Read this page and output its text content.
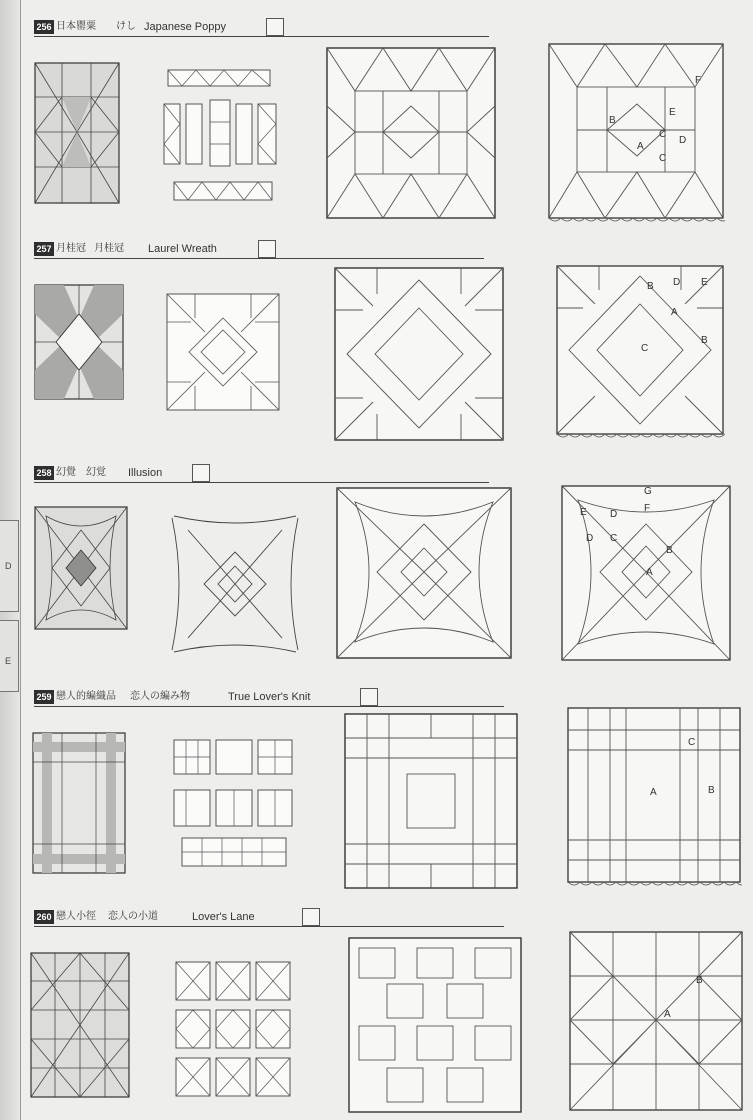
D
E
256 日本罌粟 けし Japanese Poppy
F
E
B
D
C
A
C
257 月桂冠 月桂冠 Laurel Wreath
B D E
A
C
B
258 幻覺 幻覚 Illusion
G
E D
F
D C
B
A
259 戀人的編織品 恋人の編み物	True Lover's Knit
C
A	B
260 戀人小徑 恋人の小道	Lover's Lane
B
A
